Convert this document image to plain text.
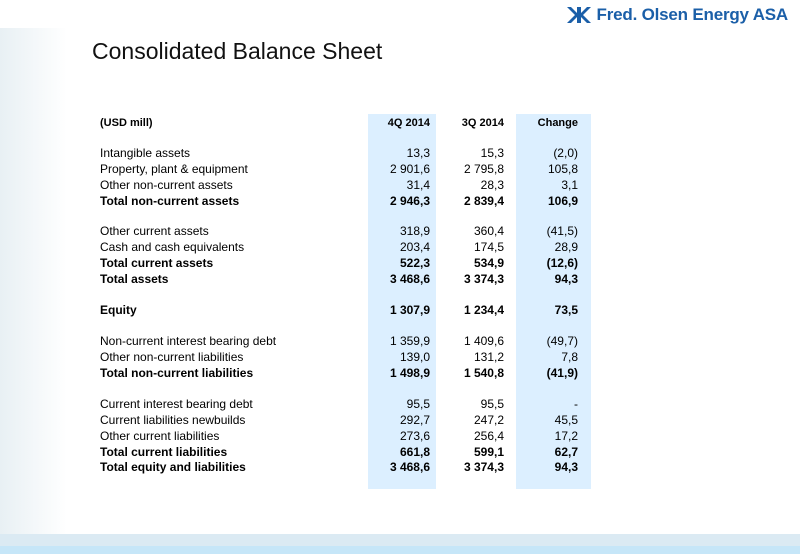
Fred. Olsen Energy ASA
Consolidated Balance Sheet
(USD mill)	4Q 2014	3Q 2014	Change
Intangible assets	13,3	15,3	(2,0)
Property, plant & equipment	2 901,6	2 795,8	105,8
Other non-current assets	31,4	28,3	3,1
Total non-current assets	2 946,3	2 839,4	106,9
Other current assets	318,9	360,4	(41,5)
Cash and cash equivalents	203,4	174,5	28,9
Total current assets	522,3	534,9	(12,6)
Total assets	3 468,6	3 374,3	94,3
Equity	1 307,9	1 234,4	73,5
Non-current interest bearing debt	1 359,9	1 409,6	(49,7)
Other non-current liabilities	139,0	131,2	7,8
Total non-current liabilities	1 498,9	1 540,8	(41,9)
Current interest bearing debt	95,5	95,5	-
Current liabilities newbuilds	292,7	247,2	45,5
Other current liabilities	273,6	256,4	17,2
Total current liabilities	661,8	599,1	62,7
Total equity and liabilities	3 468,6	3 374,3	94,3
